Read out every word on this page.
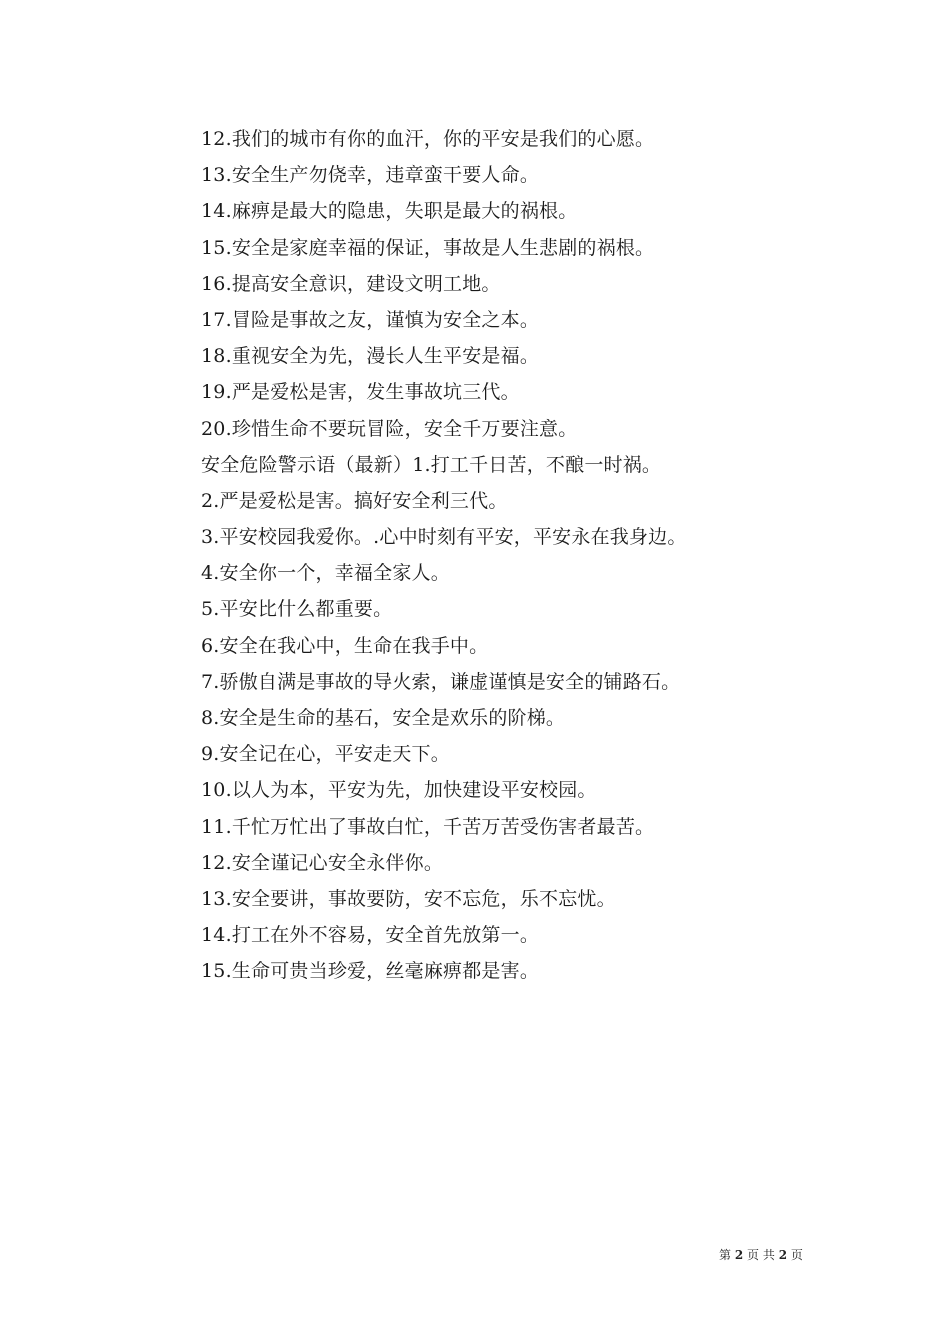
12.我们的城市有你的血汗，你的平安是我们的心愿。
13.安全生产勿侥幸，违章蛮干要人命。
14.麻痹是最大的隐患，失职是最大的祸根。
15.安全是家庭幸福的保证，事故是人生悲剧的祸根。
16.提高安全意识，建设文明工地。
17.冒险是事故之友，谨慎为安全之本。
18.重视安全为先，漫长人生平安是福。
19.严是爱松是害，发生事故坑三代。
20.珍惜生命不要玩冒险，安全千万要注意。
安全危险警示语（最新）1.打工千日苦，不酿一时祸。
2.严是爱松是害。搞好安全利三代。
3.平安校园我爱你。.心中时刻有平安，平安永在我身边。
4.安全你一个，幸福全家人。
5.平安比什么都重要。
6.安全在我心中，生命在我手中。
7.骄傲自满是事故的导火索，谦虚谨慎是安全的铺路石。
8.安全是生命的基石，安全是欢乐的阶梯。
9.安全记在心，平安走天下。
10.以人为本，平安为先，加快建设平安校园。
11.千忙万忙出了事故白忙，千苦万苦受伤害者最苦。
12.安全谨记心安全永伴你。
13.安全要讲，事故要防，安不忘危，乐不忘忧。
14.打工在外不容易，安全首先放第一。
15.生命可贵当珍爱，丝毫麻痹都是害。
第 2 页 共 2 页
